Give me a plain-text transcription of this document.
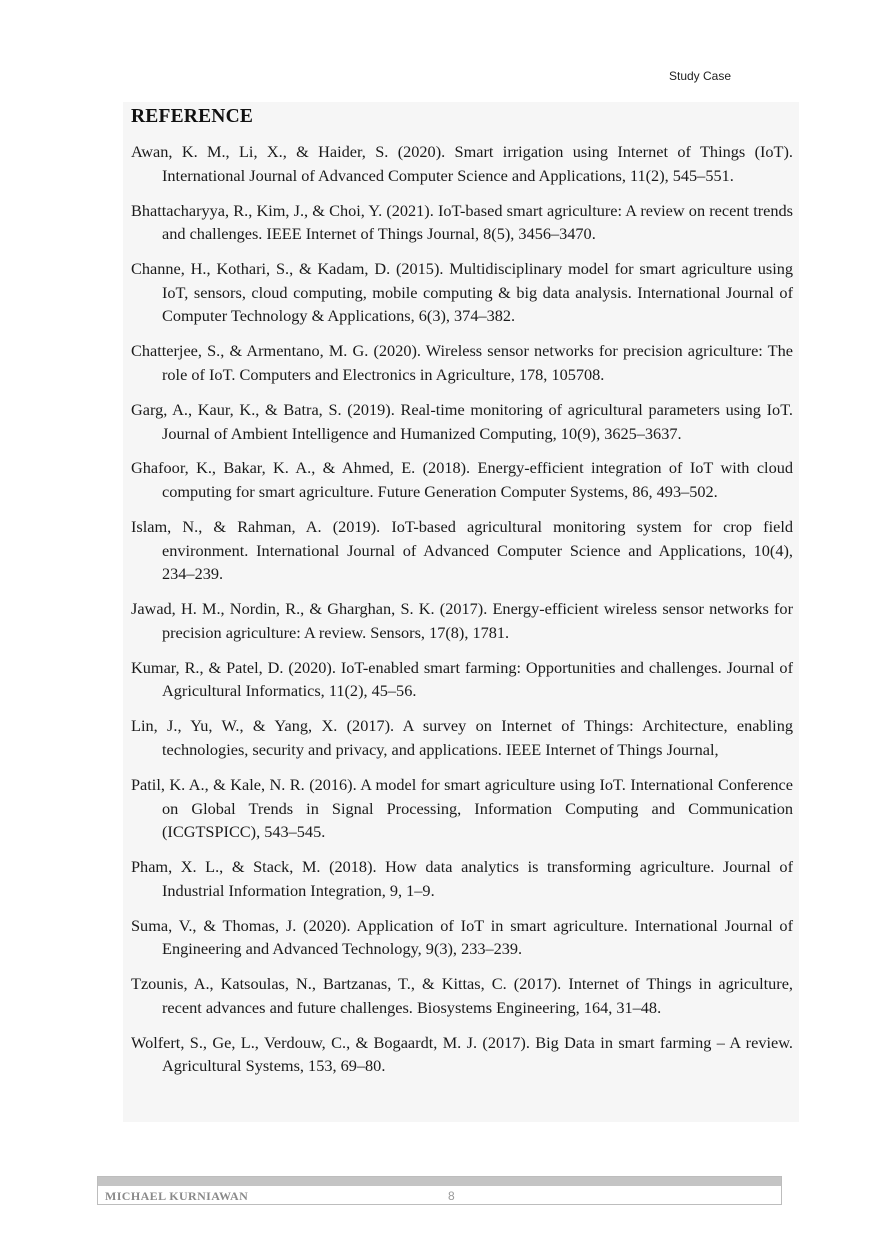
Study Case
REFERENCE

Awan, K. M., Li, X., & Haider, S. (2020). Smart irrigation using Internet of Things (IoT). International Journal of Advanced Computer Science and Applications, 11(2), 545–551.

Bhattacharyya, R., Kim, J., & Choi, Y. (2021). IoT-based smart agriculture: A review on recent trends and challenges. IEEE Internet of Things Journal, 8(5), 3456–3470.

Channe, H., Kothari, S., & Kadam, D. (2015). Multidisciplinary model for smart agriculture using IoT, sensors, cloud computing, mobile computing & big data analysis. International Journal of Computer Technology & Applications, 6(3), 374–382.

Chatterjee, S., & Armentano, M. G. (2020). Wireless sensor networks for precision agriculture: The role of IoT. Computers and Electronics in Agriculture, 178, 105708.

Garg, A., Kaur, K., & Batra, S. (2019). Real-time monitoring of agricultural parameters using IoT. Journal of Ambient Intelligence and Humanized Computing, 10(9), 3625–3637.

Ghafoor, K., Bakar, K. A., & Ahmed, E. (2018). Energy-efficient integration of IoT with cloud computing for smart agriculture. Future Generation Computer Systems, 86, 493–502.

Islam, N., & Rahman, A. (2019). IoT-based agricultural monitoring system for crop field environment. International Journal of Advanced Computer Science and Applications, 10(4), 234–239.

Jawad, H. M., Nordin, R., & Gharghan, S. K. (2017). Energy-efficient wireless sensor networks for precision agriculture: A review. Sensors, 17(8), 1781.

Kumar, R., & Patel, D. (2020). IoT-enabled smart farming: Opportunities and challenges. Journal of Agricultural Informatics, 11(2), 45–56.

Lin, J., Yu, W., & Yang, X. (2017). A survey on Internet of Things: Architecture, enabling technologies, security and privacy, and applications. IEEE Internet of Things Journal,

Patil, K. A., & Kale, N. R. (2016). A model for smart agriculture using IoT. International Conference on Global Trends in Signal Processing, Information Computing and Communication (ICGTSPICC), 543–545.

Pham, X. L., & Stack, M. (2018). How data analytics is transforming agriculture. Journal of Industrial Information Integration, 9, 1–9.

Suma, V., & Thomas, J. (2020). Application of IoT in smart agriculture. International Journal of Engineering and Advanced Technology, 9(3), 233–239.

Tzounis, A., Katsoulas, N., Bartzanas, T., & Kittas, C. (2017). Internet of Things in agriculture, recent advances and future challenges. Biosystems Engineering, 164, 31–48.

Wolfert, S., Ge, L., Verdouw, C., & Bogaardt, M. J. (2017). Big Data in smart farming – A review. Agricultural Systems, 153, 69–80.

MICHAEL KURNIAWAN	8
